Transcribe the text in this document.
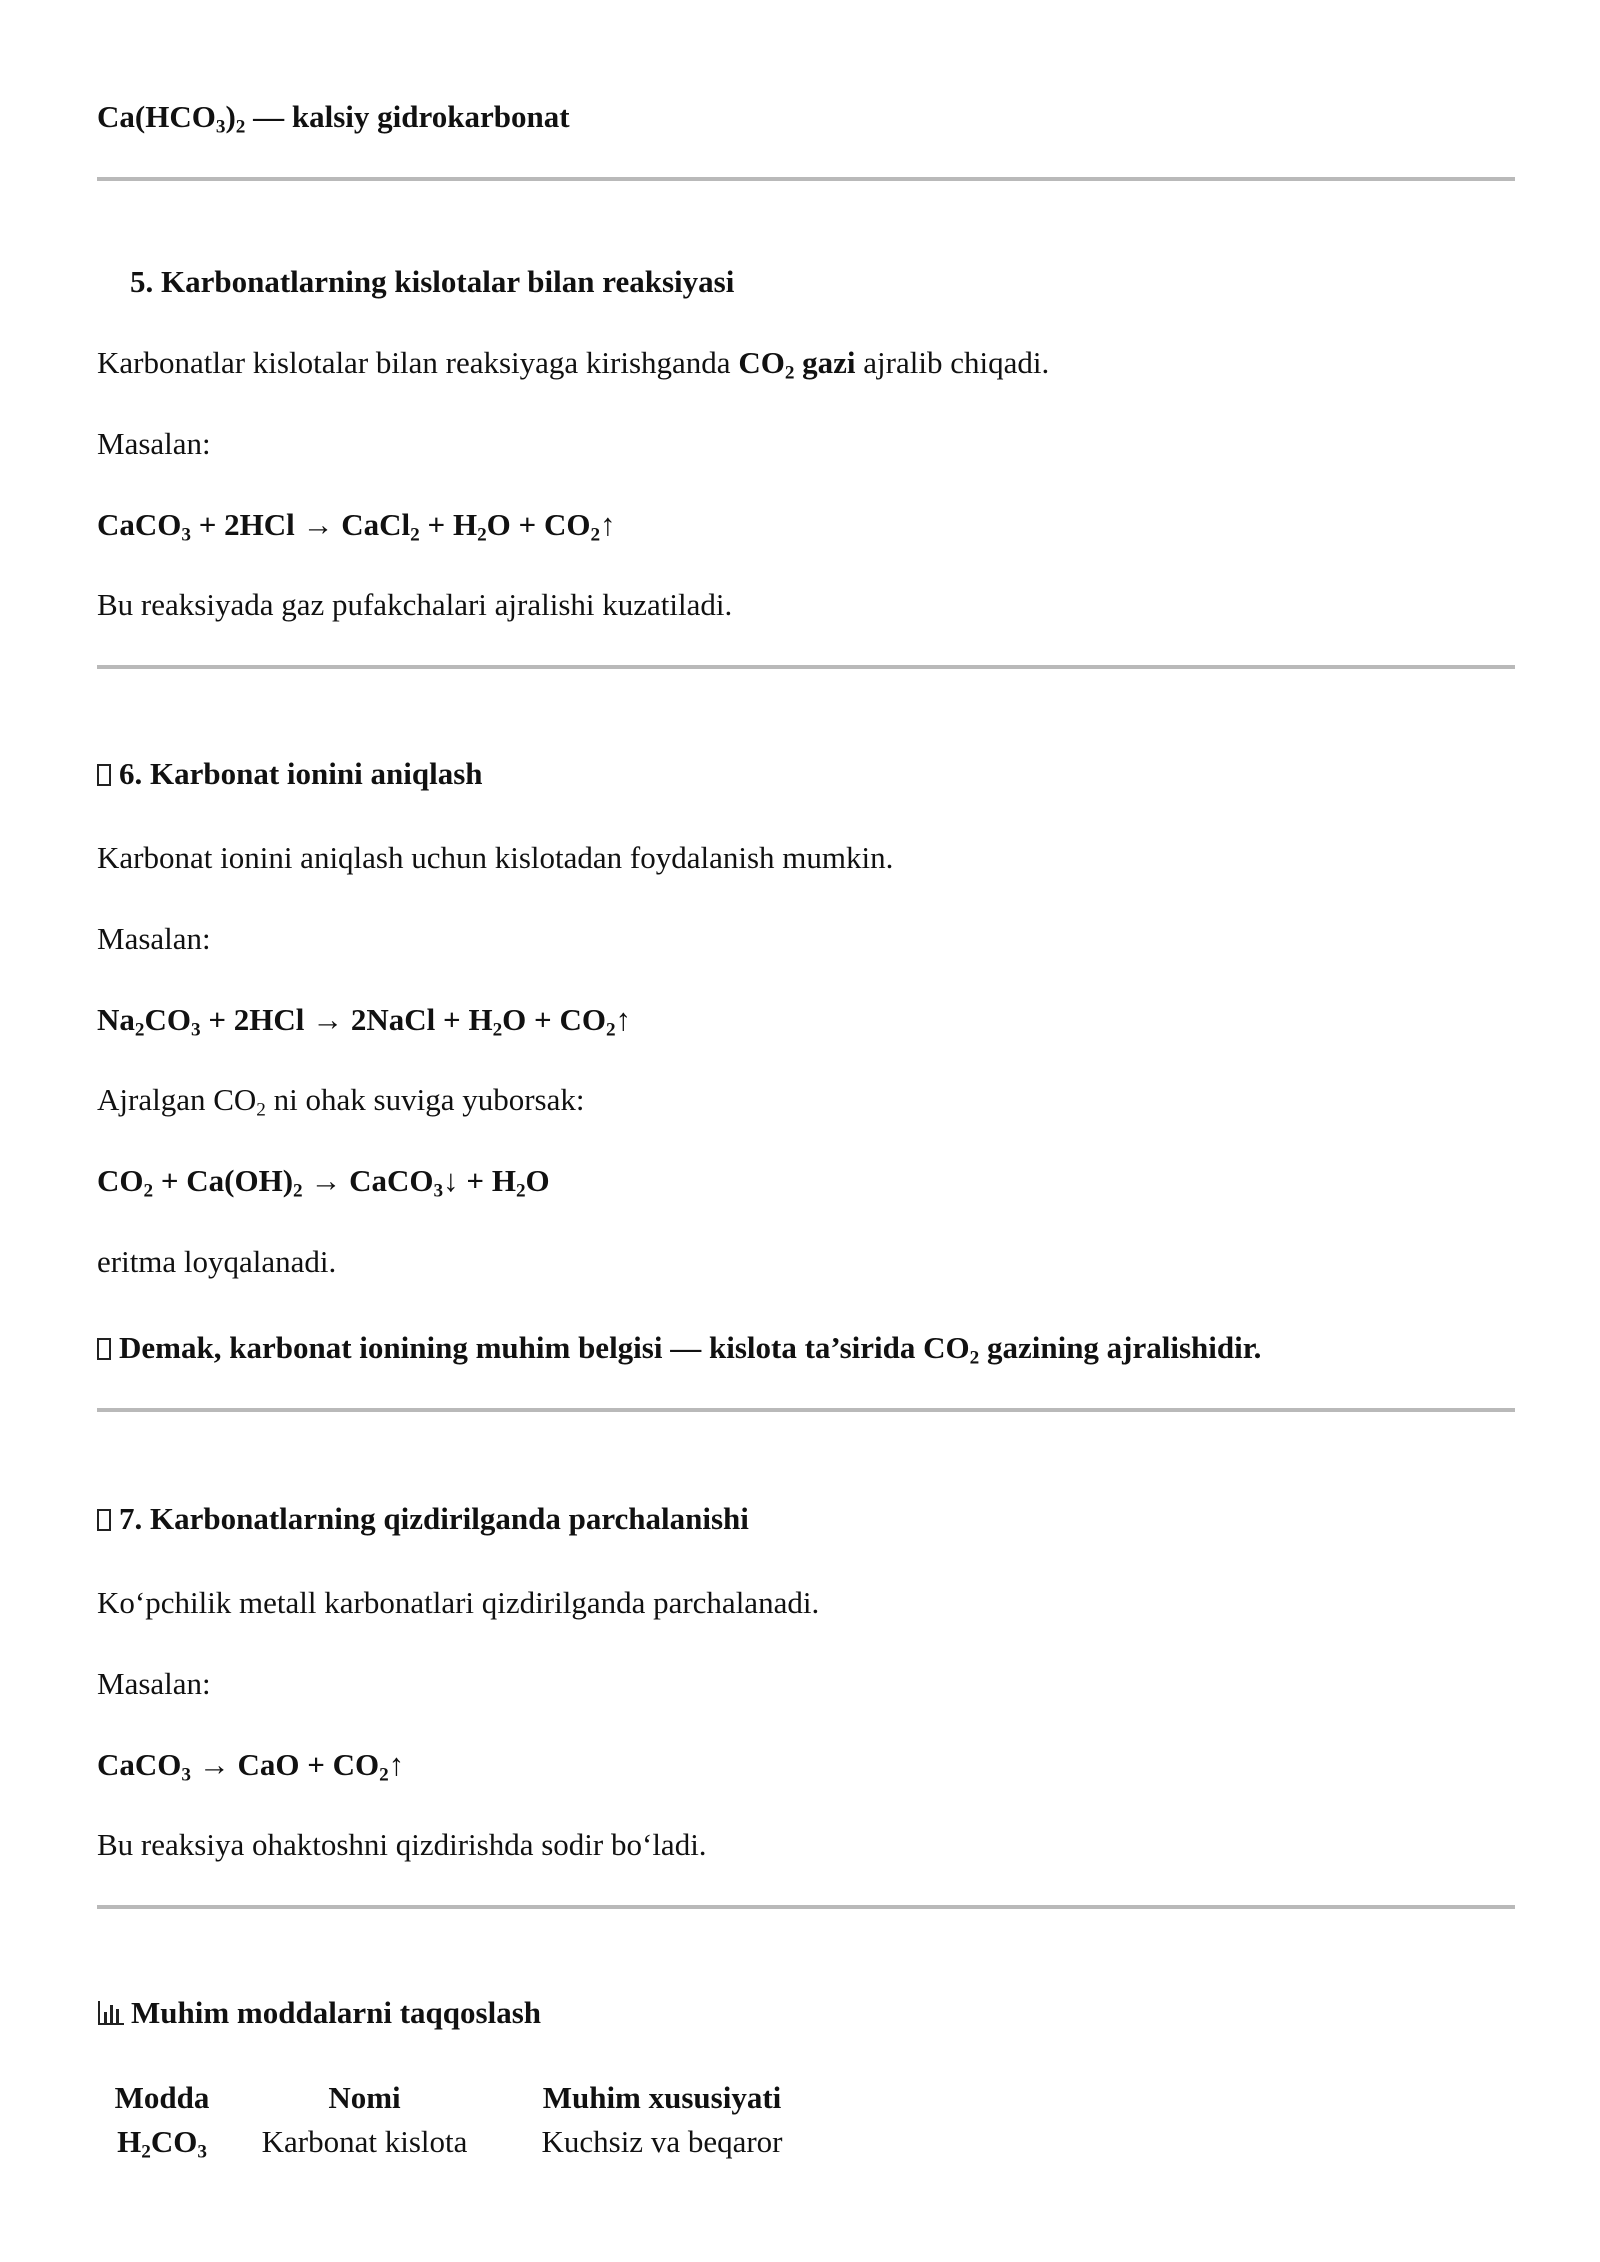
$Ca(HCO_3)_2$ — kalsiy gidrokarbonat
5. Karbonatlarning kislotalar bilan reaksiyasi
Karbonatlar kislotalar bilan reaksiyaga kirishganda $CO_2$ gazi ajralib chiqadi.
Masalan:
CaCO$_3$ + 2HCl → CaCl$_2$ + $H_2O$ + $CO_2↑$
Bu reaksiyada gaz pufakchalari ajralishi kuzatiladi.
6. Karbonat ionini aniqlash
Karbonat ionini aniqlash uchun kislotadan foydalanish mumkin.
Masalan:
$Na_2CO_3 + 2HCl$ → 2NaCl + $H_2O$ + $CO_2↑$
Ajralgan $CO_2$ ni ohak suviga yuborsak:
$CO_2 + Ca(OH)_2$ → CaCO$_3$↓ + $H_2O$
eritma loyqalanadi.
Demak, karbonat ionining muhim belgisi — kislota ta’sirida $CO_2$ gazining ajralishidir.
7. Karbonatlarning qizdirilganda parchalanishi
Ko‘pchilik metall karbonatlari qizdirilganda parchalanadi.
Masalan:
CaCO$_3$ → CaO + $CO_2↑$
Bu reaksiya ohaktoshni qizdirishda sodir bo‘ladi.
Muhim moddalarni taqqoslash
Modda	Nomi	Muhim xususiyati
$H_2CO_3$	Karbonat kislota	Kuchsiz va beqaror
